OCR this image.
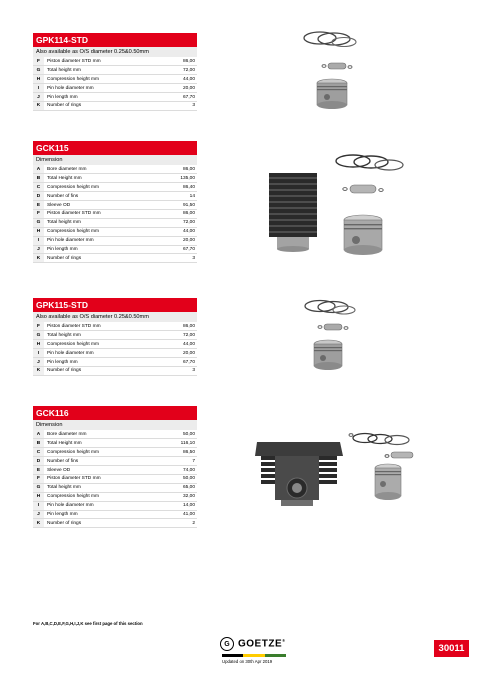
GPK114-STD
Also available as O/S diameter 0.25&0.50mm
F	Piston diameter STD mm	86,00
G	Total height mm	72,00
H	Compression height mm	44,00
I	Pin hole diameter mm	20,00
J	Pin length mm	67,70
K	Number of rings	3
GCK115
Dimension
A	Bore diameter mm	86,00
B	Total Height mm	135,00
C	Compression height mm	86,40
D	Number of fins	14
E	Sleeve OD	91,50
F	Piston diameter STD mm	86,00
G	Total height mm	72,00
H	Compression height mm	44,00
I	Pin hole diameter mm	20,00
J	Pin length mm	67,70
K	Number of rings	3
GPK115-STD
Also available as O/S diameter 0.25&0.50mm
F	Piston diameter STD mm	86,00
G	Total height mm	72,00
H	Compression height mm	44,00
I	Pin hole diameter mm	20,00
J	Pin length mm	67,70
K	Number of rings	3
GCK116
Dimension
A	Bore diameter mm	50,00
B	Total Height mm	116,10
C	Compression height mm	86,50
D	Number of fins	7
E	Sleeve OD	74,00
F	Piston diameter STD mm	50,00
G	Total height mm	65,00
H	Compression height mm	32,00
I	Pin hole diameter mm	14,00
J	Pin length mm	41,00
K	Number of rings	2
For A,B,C,D,E,F,G,H,I,J,K see first page of this section
G GOETZE®
Updated on 30th Apr 2019
30011
